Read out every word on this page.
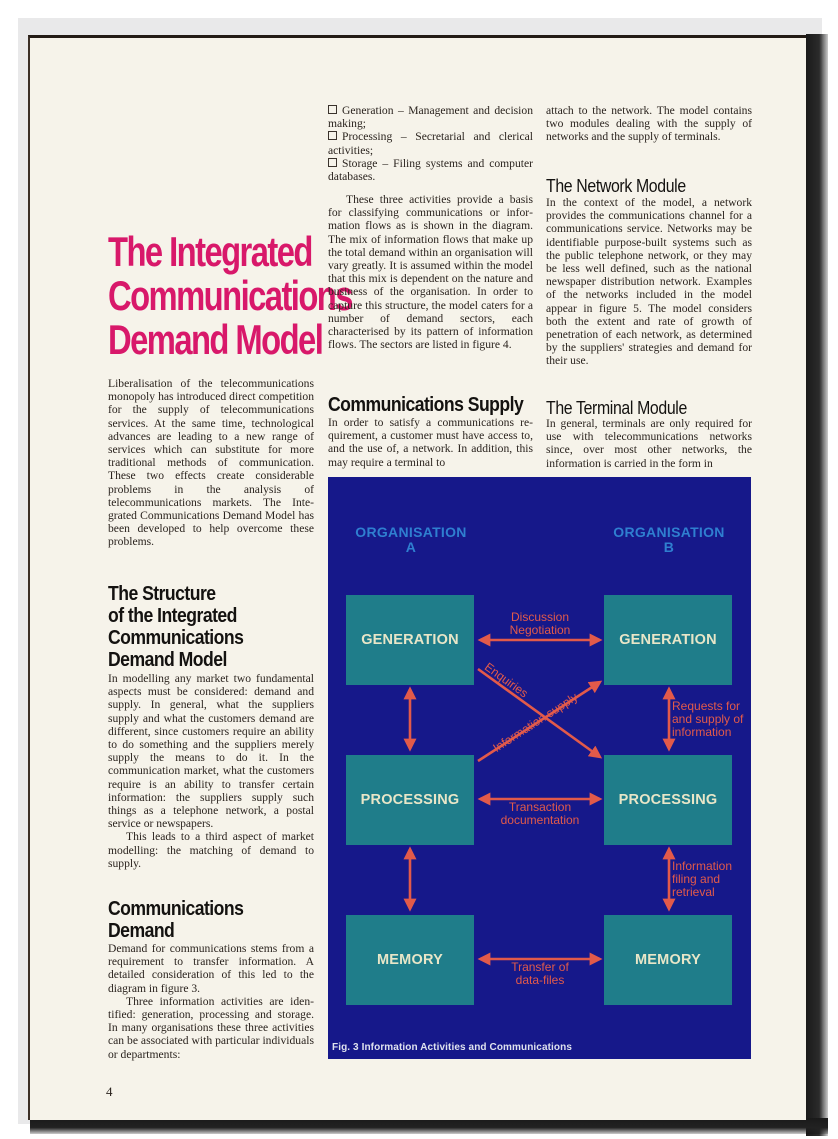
The Integrated
Communications
Demand Model
Liberalisation of the telecommunications monopoly has introduced direct competition for the supply of telecommunications services. At the same time, technological advances are leading to a new range of services which can substitute for more traditional methods of communication. These two effects create considerable problems in the analysis of telecommunications markets. The Integrated Communications Demand Model has been developed to help overcome these problems.
The Structure
of the Integrated
Communications
Demand Model

In modelling any market two fundamental aspects must be considered: demand and supply. In general, what the suppliers supply and what the customers demand are different, since customers require an ability to do something and the suppliers merely supply the means to do it. In the communication market, what the customers require is an ability to transfer certain information: the suppliers supply such things as a telephone network, a postal service or newspapers.

This leads to a third aspect of market modelling: the matching of demand to supply.

Communications
Demand

Demand for communications stems from a requirement to transfer information. A detailed consideration of this led to the diagram in figure 3.

Three information activities are identified: generation, processing and storage. In many organisations these three activities can be associated with particular individuals or departments:

Generation – Management and decision making;
Processing – Secretarial and clerical activities;
Storage – Filing systems and computer databases.

These three activities provide a basis for classifying communications or information flows as is shown in the diagram. The mix of information flows that make up the total demand within an organisation will vary greatly. It is assumed within the model that this mix is dependent on the nature and business of the organisation. In order to capture this structure, the model caters for a number of demand sectors, each characterised by its pattern of information flows. The sectors are listed in figure 4.

Communications Supply
In order to satisfy a communications requirement, a customer must have access to, and the use of, a network. In addition, this may require a terminal to
attach to the network. The model contains two modules dealing with the supply of networks and the supply of terminals.
The Network Module
In the context of the model, a network provides the communications channel for a communications service. Networks may be identifiable purpose-built systems such as the public telephone network, or they may be less well defined, such as the national newspaper distribution network. Examples of the networks included in the model appear in figure 5. The model considers both the extent and rate of growth of penetration of each network, as determined by the suppliers' strategies and demand for their use.
The Terminal Module
In general, terminals are only required for use with telecommunications networks since, over most other networks, the information is carried in the form in
ORGANISATION
A
ORGANISATION
B
GENERATION
PROCESSING
MEMORY
GENERATION
PROCESSING
MEMORY
Discussion
Negotiation
Transaction
documentation
Transfer of
data-files
Requests for
and supply of
information
Information
filing and
retrieval
Enquiries
Information supply
Fig. 3 Information Activities and Communications
4
